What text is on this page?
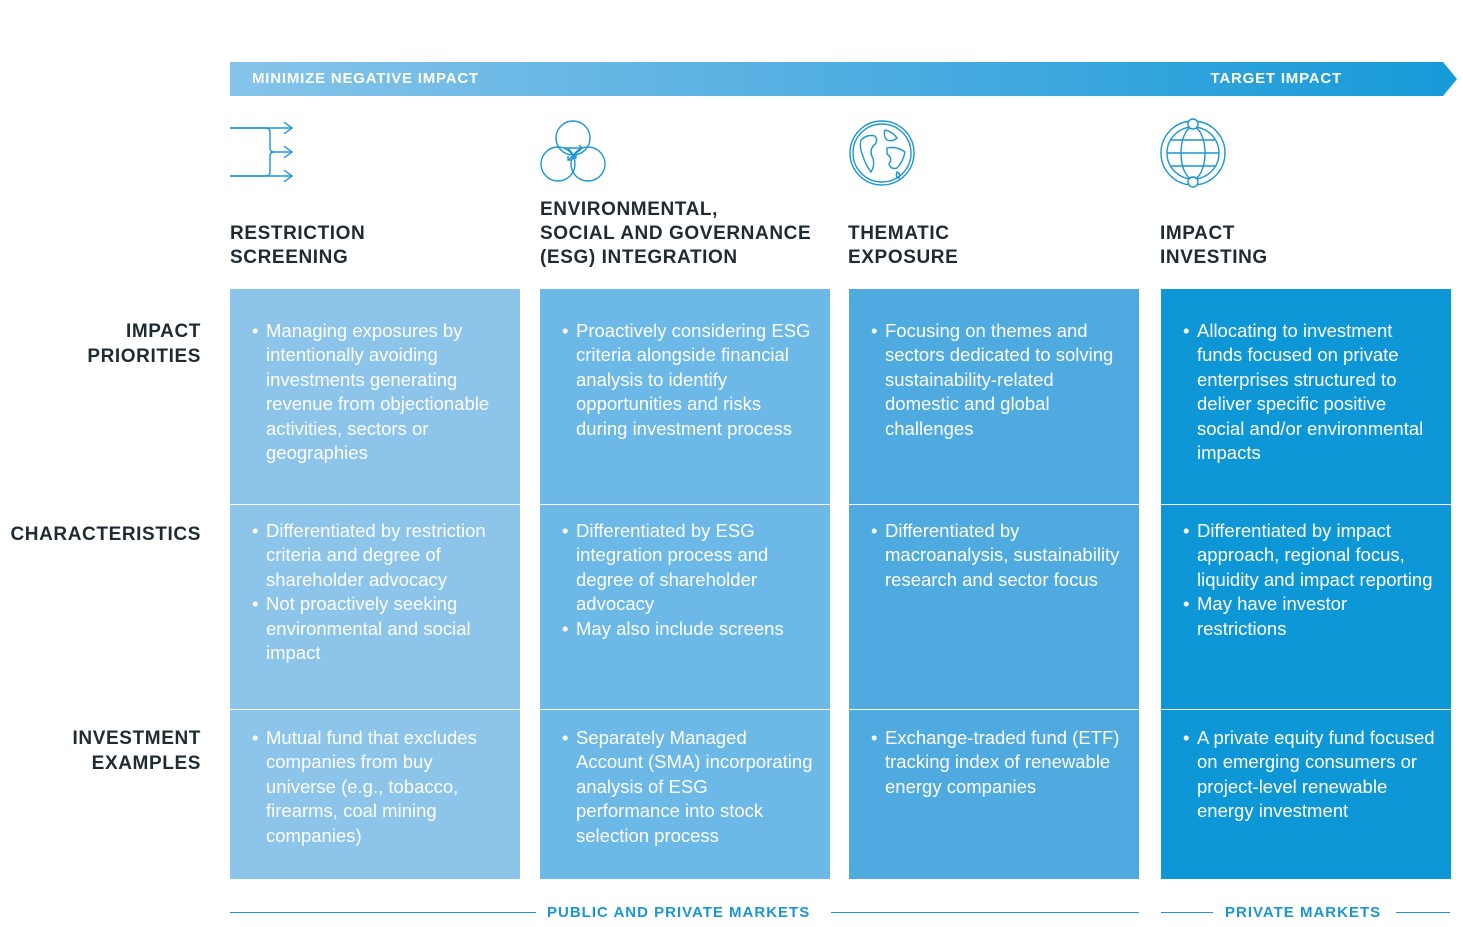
MINIMIZE NEGATIVE IMPACT	TARGET IMPACT
RESTRICTION
SCREENING
ENVIRONMENTAL,
SOCIAL AND GOVERNANCE
(ESG) INTEGRATION
THEMATIC
EXPOSURE
IMPACT
INVESTING
IMPACT
PRIORITIES
CHARACTERISTICS
INVESTMENT
EXAMPLES
• Managing exposures by intentionally avoiding investments generating revenue from objectionable activities, sectors or geographies
• Differentiated by restriction criteria and degree of shareholder advocacy
• Not proactively seeking environmental and social impact
• Mutual fund that excludes companies from buy universe (e.g., tobacco, firearms, coal mining companies)
• Proactively considering ESG criteria alongside financial analysis to identify opportunities and risks during investment process
• Differentiated by ESG integration process and degree of shareholder advocacy
• May also include screens
• Separately Managed Account (SMA) incorporating analysis of ESG performance into stock selection process
• Focusing on themes and sectors dedicated to solving sustainability-related domestic and global challenges
• Differentiated by macroanalysis, sustainability research and sector focus
• Exchange-traded fund (ETF) tracking index of renewable energy companies
• Allocating to investment funds focused on private enterprises structured to deliver specific positive social and/or environmental impacts
• Differentiated by impact approach, regional focus, liquidity and impact reporting
• May have investor restrictions
• A private equity fund focused on emerging consumers or project-level renewable energy investment
PUBLIC AND PRIVATE MARKETS	PRIVATE MARKETS
